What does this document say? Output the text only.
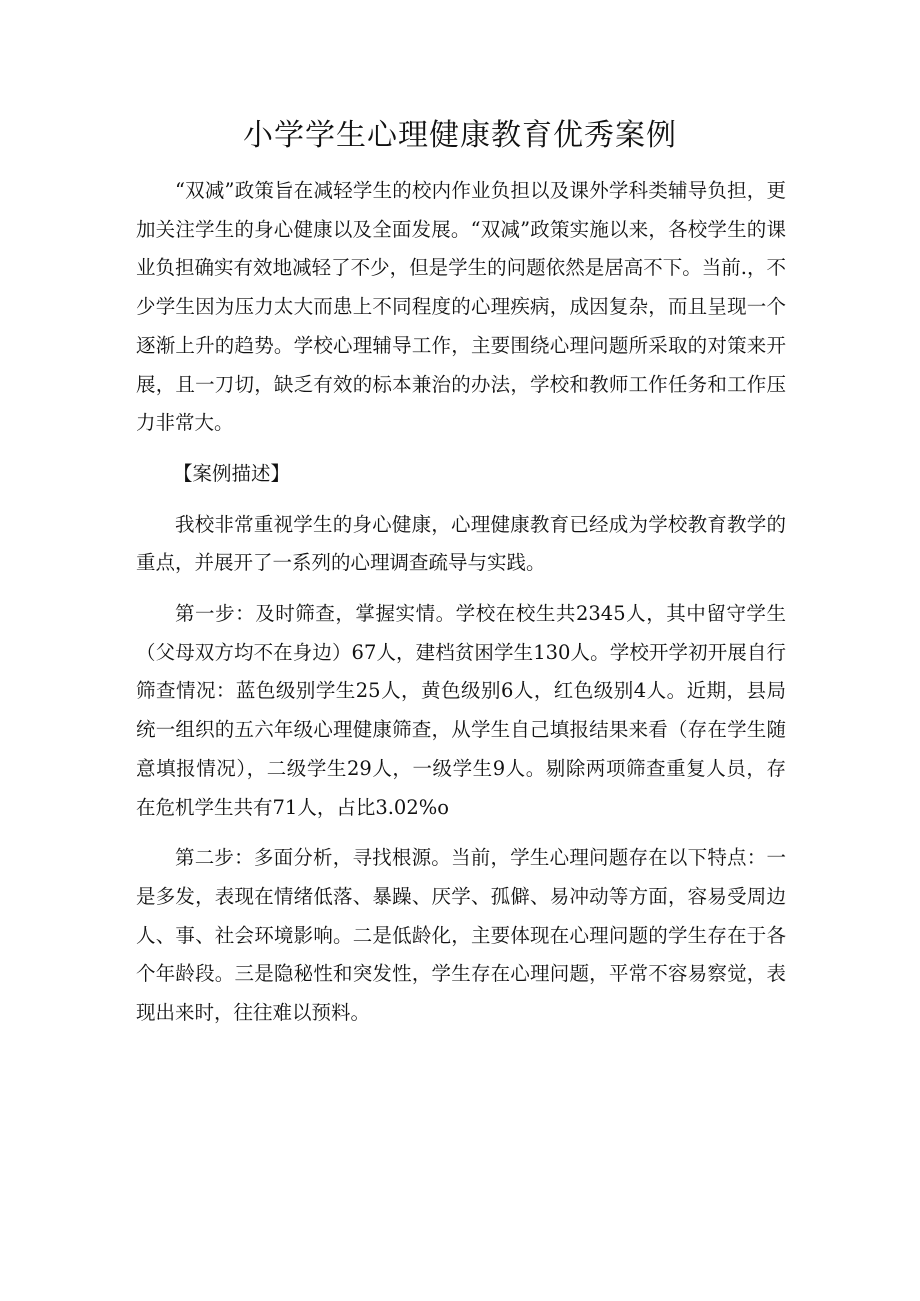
小学学生心理健康教育优秀案例

“双减”政策旨在减轻学生的校内作业负担以及课外学科类辅导负担，更加关注学生的身心健康以及全面发展。“双减”政策实施以来，各校学生的课业负担确实有效地减轻了不少，但是学生的问题依然是居高不下。当前.，不少学生因为压力太大而患上不同程度的心理疾病，成因复杂，而且呈现一个逐渐上升的趋势。学校心理辅导工作，主要围绕心理问题所采取的对策来开展，且一刀切，缺乏有效的标本兼治的办法，学校和教师工作任务和工作压力非常大。

【案例描述】

我校非常重视学生的身心健康，心理健康教育已经成为学校教育教学的重点，并展开了一系列的心理调查疏导与实践。

第一步：及时筛查，掌握实情。学校在校生共2345人，其中留守学生（父母双方均不在身边）67人，建档贫困学生130人。学校开学初开展自行筛查情况：蓝色级别学生25人，黄色级别6人，红色级别4人。近期，县局统一组织的五六年级心理健康筛查，从学生自己填报结果来看（存在学生随意填报情况），二级学生29人，一级学生9人。剔除两项筛查重复人员，存在危机学生共有71人，占比3.02%o

第二步：多面分析，寻找根源。当前，学生心理问题存在以下特点：一是多发，表现在情绪低落、暴躁、厌学、孤僻、易冲动等方面，容易受周边人、事、社会环境影响。二是低龄化，主要体现在心理问题的学生存在于各个年龄段。三是隐秘性和突发性，学生存在心理问题，平常不容易察觉，表现出来时，往往难以预料。
